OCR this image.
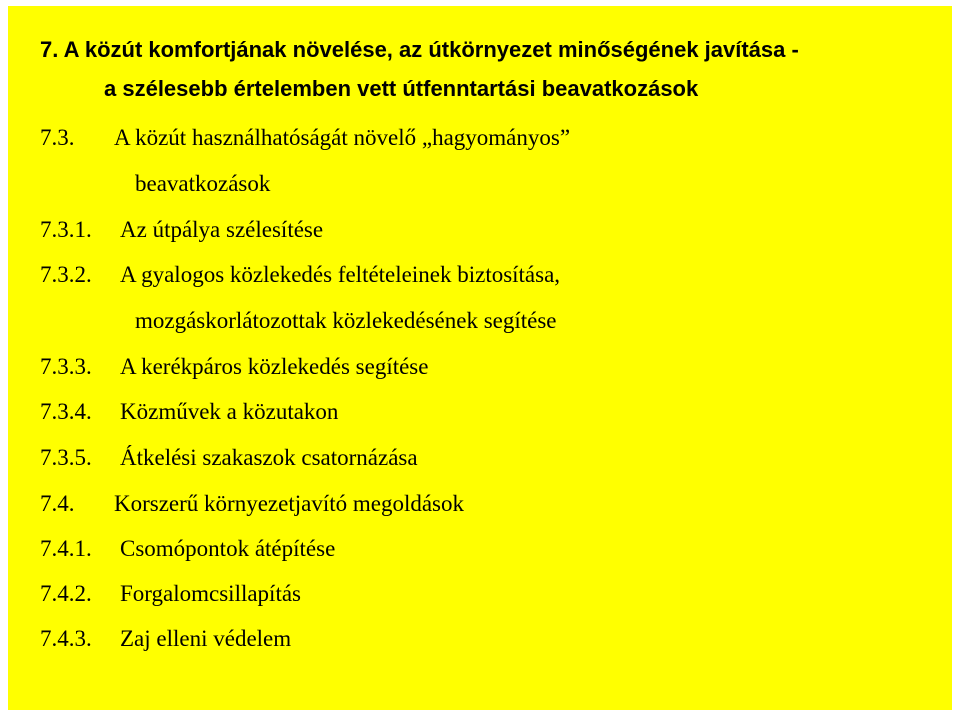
7. A közút komfortjának növelése, az útkörnyezet minőségének javítása -
a szélesebb értelemben vett útfenntartási beavatkozások
7.3. A közút használhatóságát növelő „hagyományos”
beavatkozások
7.3.1. Az útpálya szélesítése
7.3.2. A gyalogos közlekedés feltételeinek biztosítása,
mozgáskorlátozottak közlekedésének segítése
7.3.3. A kerékpáros közlekedés segítése
7.3.4. Közművek a közutakon
7.3.5. Átkelési szakaszok csatornázása
7.4. Korszerű környezetjavító megoldások
7.4.1. Csomópontok átépítése
7.4.2. Forgalomcsillapítás
7.4.3. Zaj elleni védelem
